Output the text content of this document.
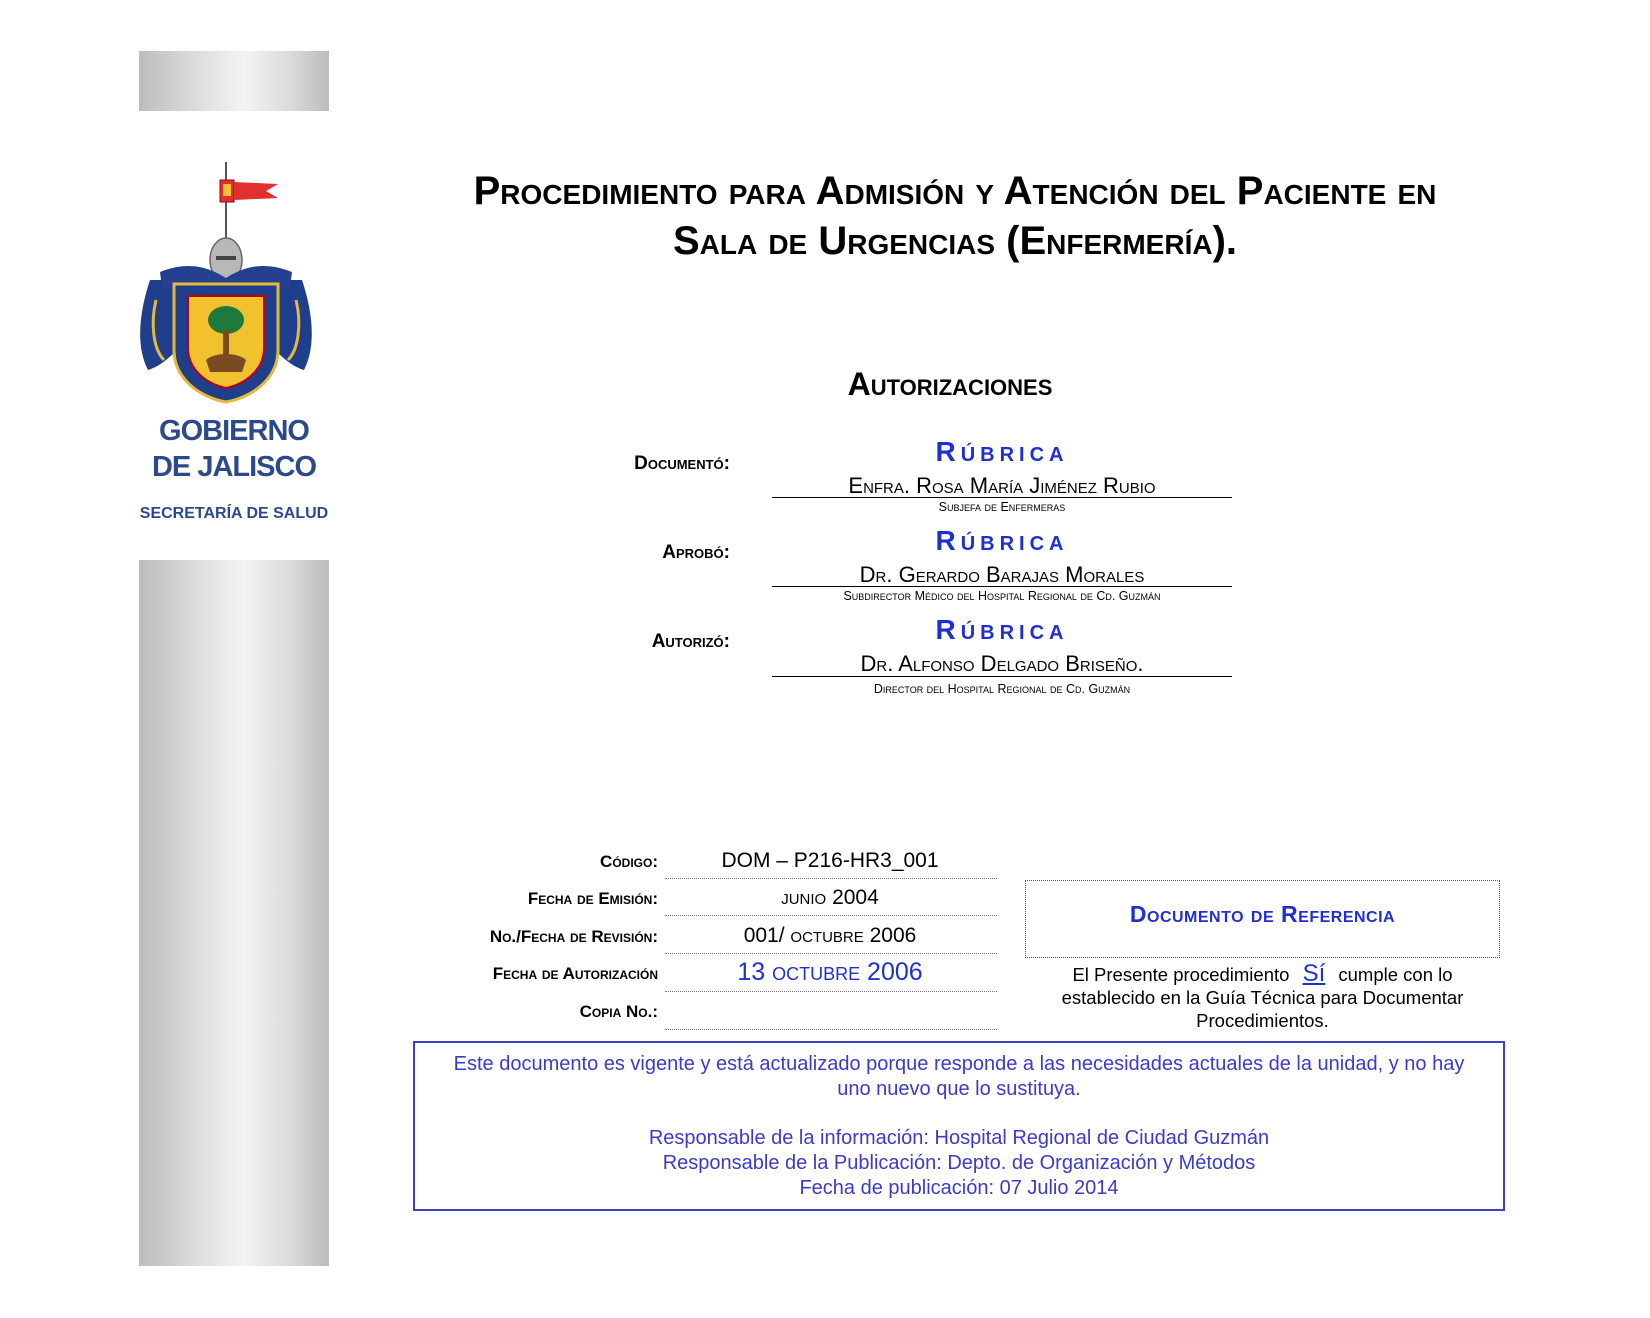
GOBIERNO
DE JALISCO
SECRETARÍA DE SALUD
Procedimiento para Admisión y Atención del Paciente en
Sala de Urgencias (Enfermería).
Autorizaciones
Documentó:	Rúbrica
Enfra. Rosa María Jiménez Rubio
Subjefa de Enfermeras
Aprobó:	Rúbrica
Dr. Gerardo Barajas Morales
Subdirector Médico del Hospital Regional de Cd. Guzmán
Autorizó:	Rúbrica
Dr. Alfonso Delgado Briseño.
Director del Hospital Regional de Cd. Guzmán
Código:	DOM – P216-HR3_001
Fecha de Emisión:	junio 2004
No./Fecha de Revisión:	001/ octubre 2006
Fecha de Autorización	13 octubre 2006
Copia No.:
Documento de Referencia
El Presente procedimiento Sí cumple con lo establecido en la Guía Técnica para Documentar Procedimientos.

Este documento es vigente y está actualizado porque responde a las necesidades actuales de la unidad, y no hay uno nuevo que lo sustituya.

Responsable de la información: Hospital Regional de Ciudad Guzmán

Responsable de la Publicación: Depto. de Organización y Métodos

Fecha de publicación: 07 Julio 2014
